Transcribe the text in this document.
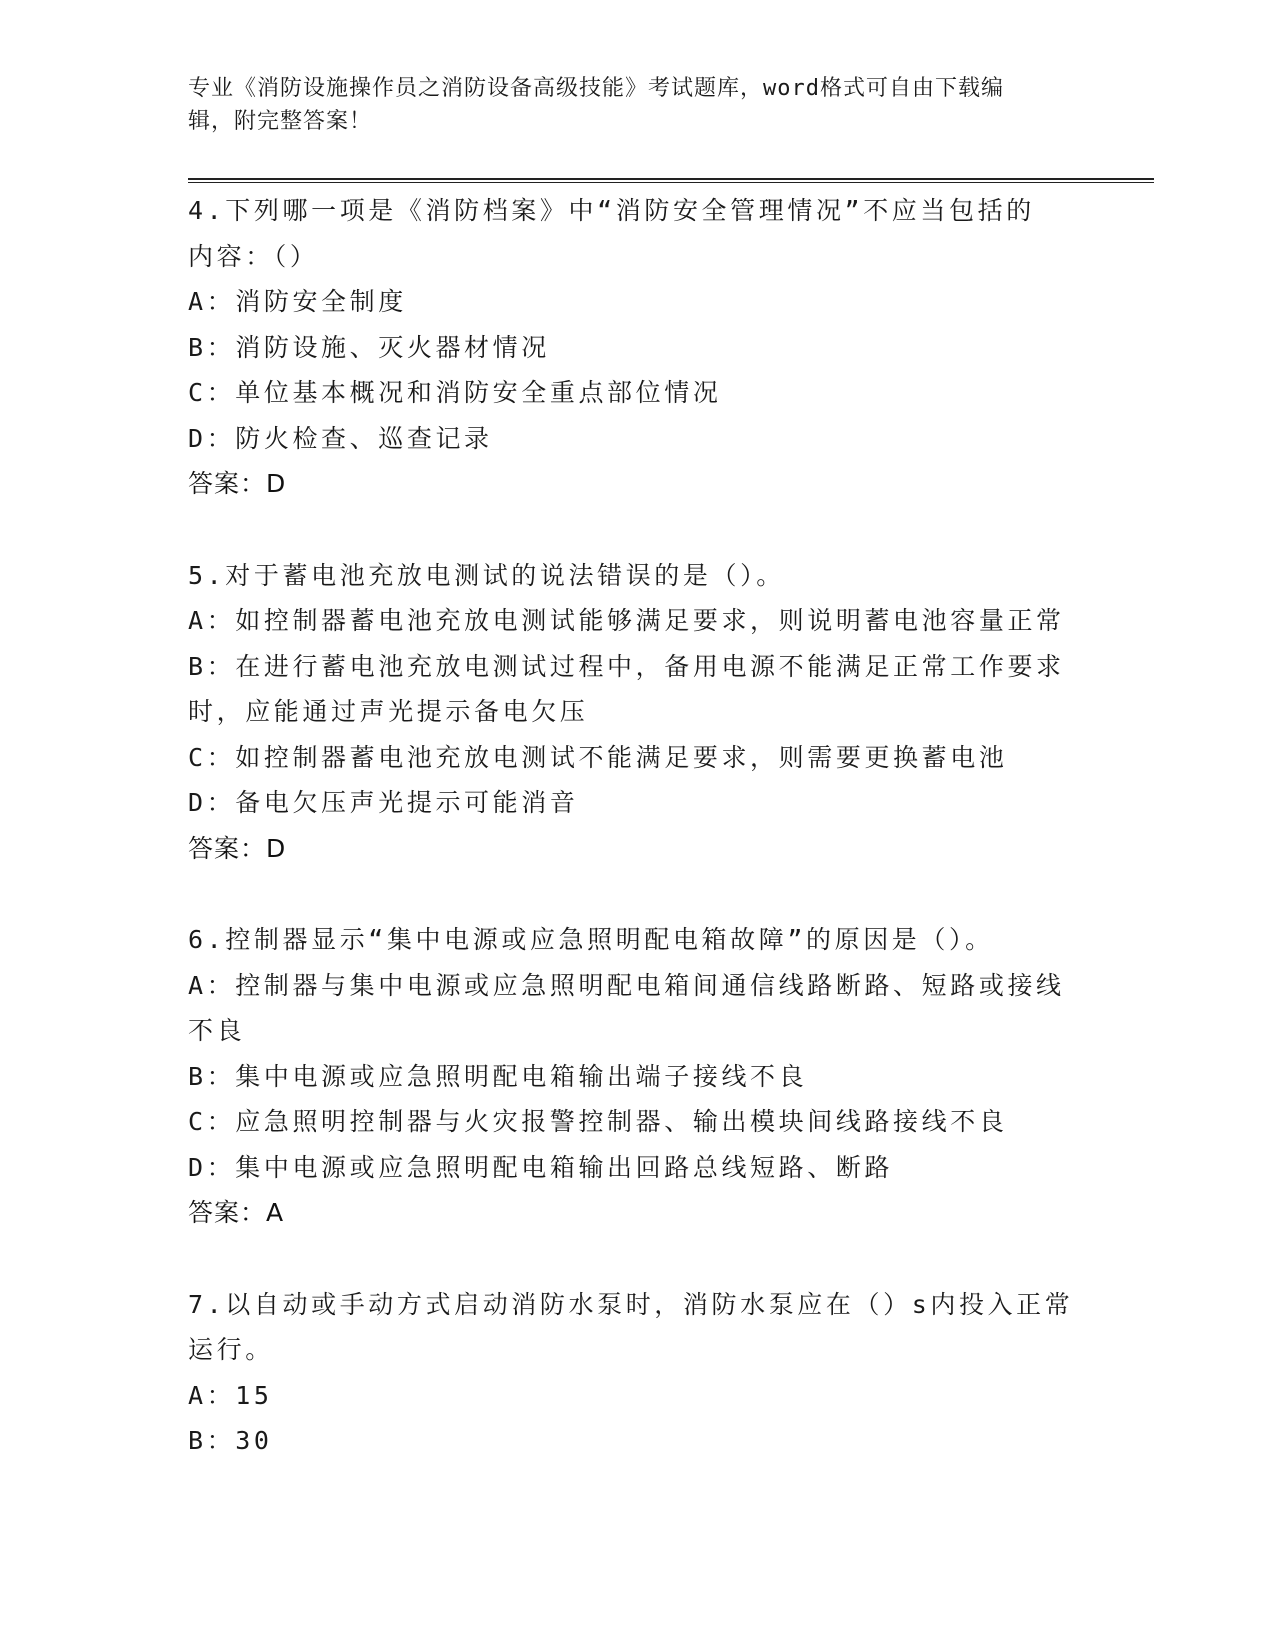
专业《消防设施操作员之消防设备高级技能》考试题库，word格式可自由下载编
辑，附完整答案！
4.下列哪一项是《消防档案》中“消防安全管理情况”不应当包括的
内容：（）
A：消防安全制度
B：消防设施、灭火器材情况
C：单位基本概况和消防安全重点部位情况
D：防火检查、巡查记录
答案：D
5.对于蓄电池充放电测试的说法错误的是（）。
A：如控制器蓄电池充放电测试能够满足要求，则说明蓄电池容量正常
B：在进行蓄电池充放电测试过程中，备用电源不能满足正常工作要求
时，应能通过声光提示备电欠压
C：如控制器蓄电池充放电测试不能满足要求，则需要更换蓄电池
D：备电欠压声光提示可能消音
答案：D
6.控制器显示“集中电源或应急照明配电箱故障”的原因是（）。
A：控制器与集中电源或应急照明配电箱间通信线路断路、短路或接线
不良
B：集中电源或应急照明配电箱输出端子接线不良
C：应急照明控制器与火灾报警控制器、输出模块间线路接线不良
D：集中电源或应急照明配电箱输出回路总线短路、断路
答案：A
7.以自动或手动方式启动消防水泵时，消防水泵应在（）s内投入正常
运行。
A：15
B：30
